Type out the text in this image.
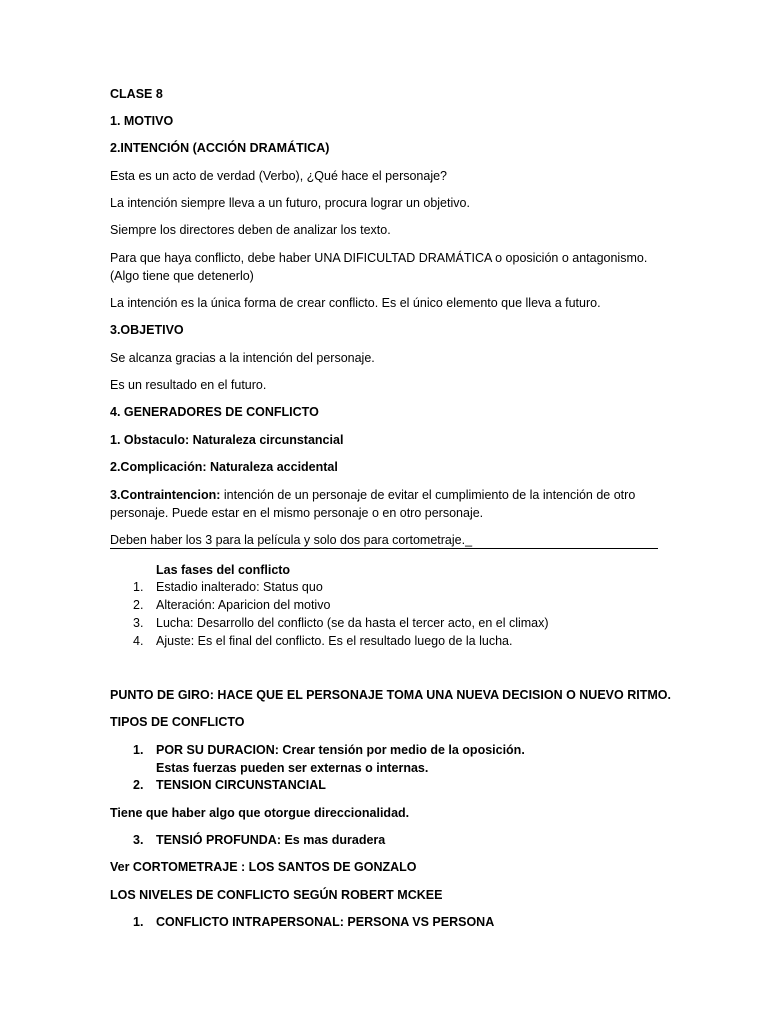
CLASE 8
1. MOTIVO
2.INTENCIÓN (ACCIÓN DRAMÁTICA)
Esta es un acto de verdad (Verbo), ¿Qué hace el personaje?
La intención siempre lleva a un futuro, procura lograr un objetivo.
Siempre los directores deben de analizar los texto.
Para que haya conflicto, debe haber UNA DIFICULTAD DRAMÁTICA o oposición o antagonismo.
(Algo tiene que detenerlo)
La intención es la única forma de crear conflicto. Es el único elemento que lleva a futuro.
3.OBJETIVO
Se alcanza gracias a la intención del personaje.
Es un resultado en el futuro.
4. GENERADORES DE CONFLICTO
1. Obstaculo: Naturaleza circunstancial
2.Complicación: Naturaleza accidental
3.Contraintencion: intención de un personaje de evitar el cumplimiento de la intención de otro
personaje. Puede estar en el mismo personaje o en otro personaje.
Deben haber los 3 para la película y solo dos para cortometraje._
Las fases del conflicto
1. Estadio inalterado: Status quo
2. Alteración: Aparicion del motivo
3. Lucha: Desarrollo del conflicto (se da hasta el tercer acto, en el climax)
4. Ajuste: Es el final del conflicto. Es el resultado luego de la lucha.
PUNTO DE GIRO: HACE QUE EL PERSONAJE TOMA UNA NUEVA DECISION O NUEVO RITMO.
TIPOS DE CONFLICTO
1. POR SU DURACION: Crear tensión por medio de la oposición.
Estas fuerzas pueden ser externas o internas.
2. TENSION CIRCUNSTANCIAL
Tiene que haber algo que otorgue direccionalidad.
3. TENSIÓ PROFUNDA: Es mas duradera
Ver CORTOMETRAJE : LOS SANTOS DE GONZALO
LOS NIVELES DE CONFLICTO SEGÚN ROBERT MCKEE
1. CONFLICTO INTRAPERSONAL: PERSONA VS PERSONA
